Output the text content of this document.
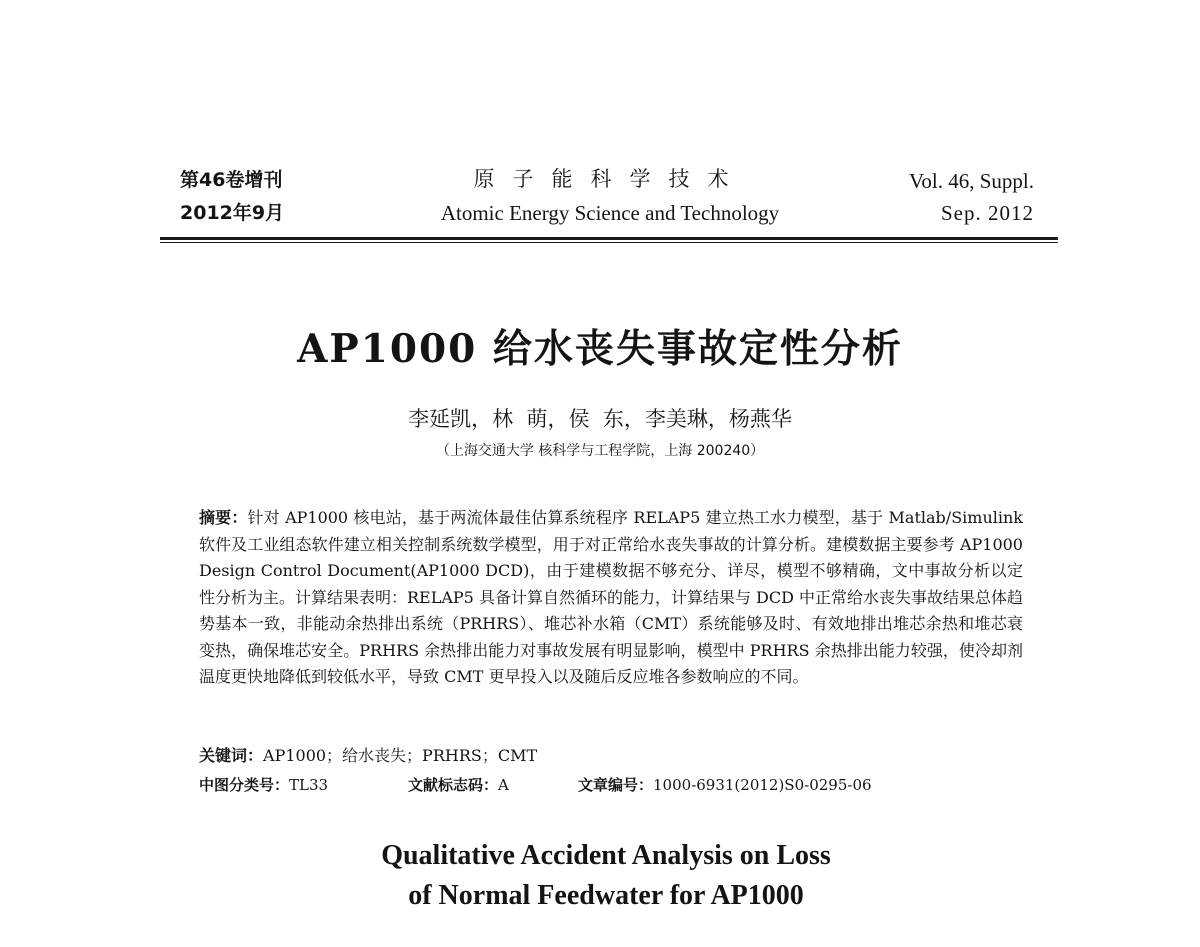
第46卷增刊
2012年9月
原子能科学技术
Atomic Energy Science and Technology
Vol. 46, Suppl.
Sep. 2012
AP1000 给水丧失事故定性分析
李延凯，林  萌，侯  东，李美琳，杨燕华
（上海交通大学 核科学与工程学院，上海 200240）
摘要：针对 AP1000 核电站，基于两流体最佳估算系统程序 RELAP5 建立热工水力模型，基于 Matlab/Simulink 软件及工业组态软件建立相关控制系统数学模型，用于对正常给水丧失事故的计算分析。建模数据主要参考 AP1000 Design Control Document(AP1000 DCD)，由于建模数据不够充分、详尽，模型不够精确，文中事故分析以定性分析为主。计算结果表明：RELAP5 具备计算自然循环的能力，计算结果与 DCD 中正常给水丧失事故结果总体趋势基本一致，非能动余热排出系统（PRHRS）、堆芯补水箱（CMT）系统能够及时、有效地排出堆芯余热和堆芯衰变热，确保堆芯安全。PRHRS 余热排出能力对事故发展有明显影响，模型中 PRHRS 余热排出能力较强，使冷却剂温度更快地降低到较低水平，导致 CMT 更早投入以及随后反应堆各参数响应的不同。
关键词：AP1000；给水丧失；PRHRS；CMT
中图分类号：TL33	文献标志码：A	文章编号：1000-6931(2012)S0-0295-06
Qualitative Accident Analysis on Loss
of Normal Feedwater for AP1000
